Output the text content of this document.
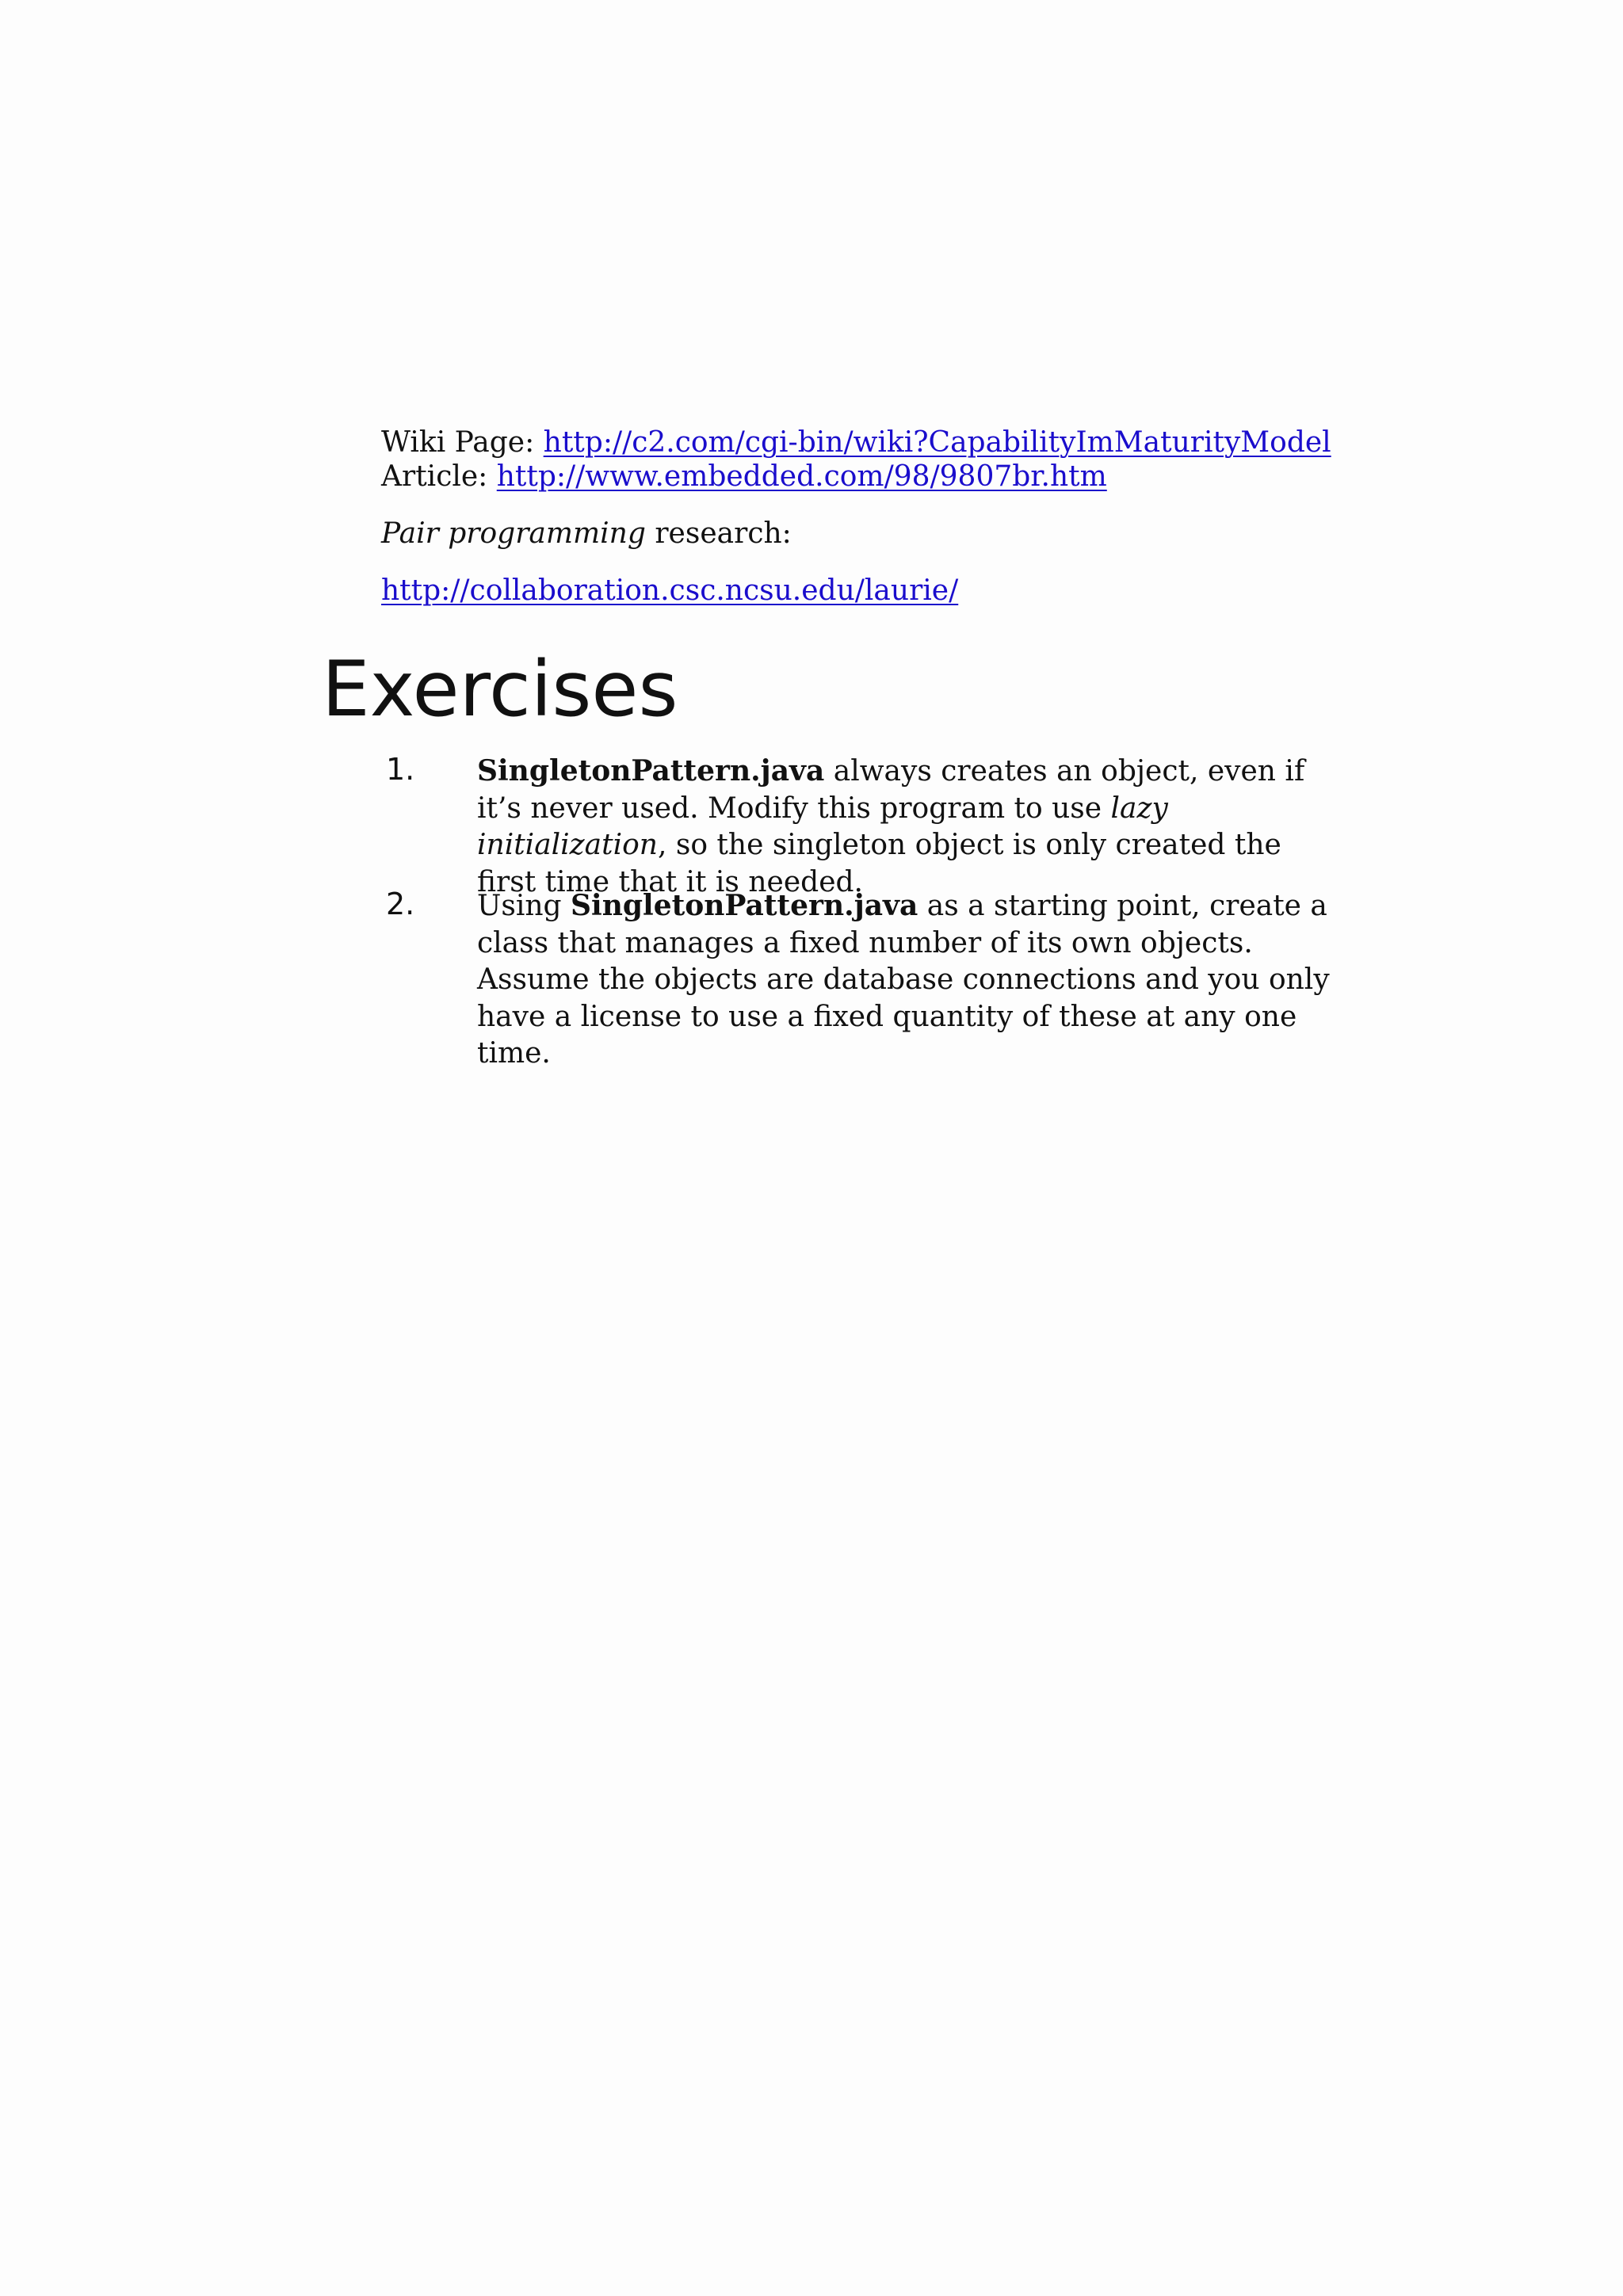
Wiki Page: http://c2.com/cgi-bin/wiki?CapabilityImMaturityModel
Article: http://www.embedded.com/98/9807br.htm
Pair programming research:
http://collaboration.csc.ncsu.edu/laurie/
Exercises
1. SingletonPattern.java always creates an object, even if it’s never used. Modify this program to use lazy initialization, so the singleton object is only created the first time that it is needed.
2. Using SingletonPattern.java as a starting point, create a class that manages a fixed number of its own objects. Assume the objects are database connections and you only have a license to use a fixed quantity of these at any one time.
